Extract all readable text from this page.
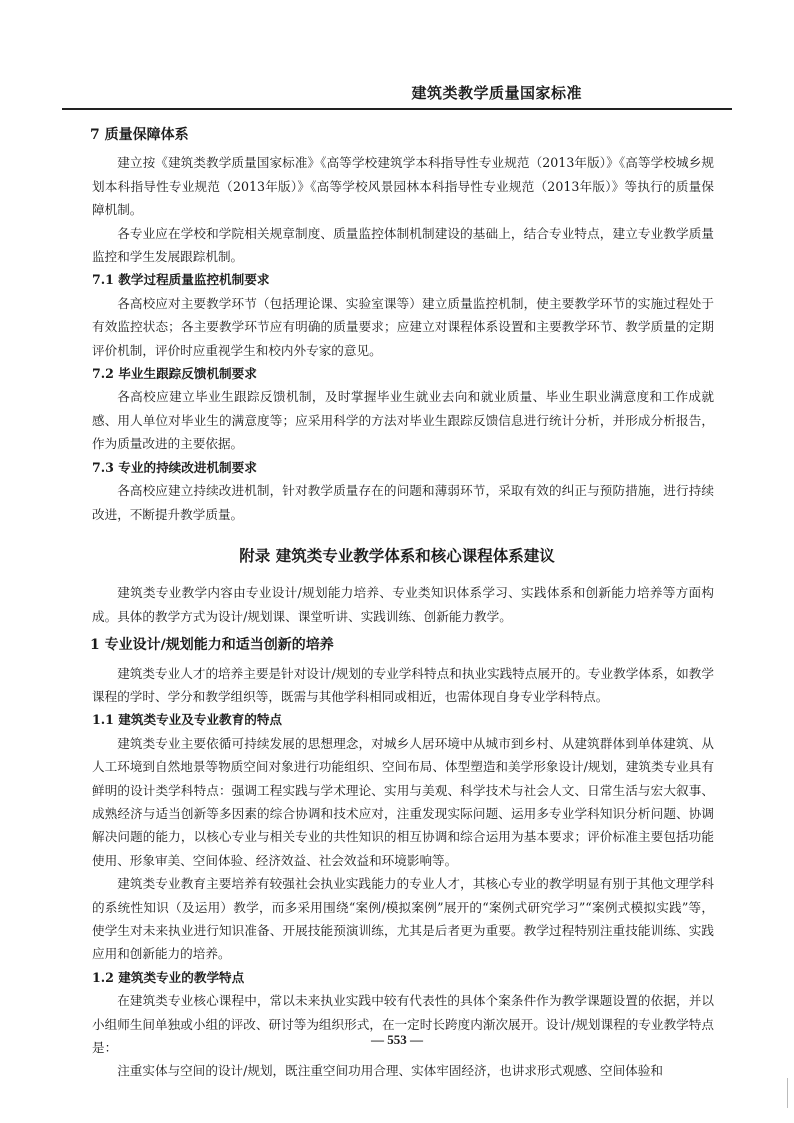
建筑类教学质量国家标准
7 质量保障体系

建立按《建筑类教学质量国家标准》《高等学校建筑学本科指导性专业规范（2013年版）》《高等学校城乡规划本科指导性专业规范（2013年版）》《高等学校风景园林本科指导性专业规范（2013年版）》等执行的质量保障机制。

各专业应在学校和学院相关规章制度、质量监控体制机制建设的基础上，结合专业特点，建立专业教学质量监控和学生发展跟踪机制。

7.1 教学过程质量监控机制要求

各高校应对主要教学环节（包括理论课、实验室课等）建立质量监控机制，使主要教学环节的实施过程处于有效监控状态；各主要教学环节应有明确的质量要求；应建立对课程体系设置和主要教学环节、教学质量的定期评价机制，评价时应重视学生和校内外专家的意见。

7.2 毕业生跟踪反馈机制要求

各高校应建立毕业生跟踪反馈机制，及时掌握毕业生就业去向和就业质量、毕业生职业满意度和工作成就感、用人单位对毕业生的满意度等；应采用科学的方法对毕业生跟踪反馈信息进行统计分析，并形成分析报告，作为质量改进的主要依据。

7.3 专业的持续改进机制要求

各高校应建立持续改进机制，针对教学质量存在的问题和薄弱环节，采取有效的纠正与预防措施，进行持续改进，不断提升教学质量。

附录 建筑类专业教学体系和核心课程体系建议

建筑类专业教学内容由专业设计/规划能力培养、专业类知识体系学习、实践体系和创新能力培养等方面构成。具体的教学方式为设计/规划课、课堂听讲、实践训练、创新能力教学。

1 专业设计/规划能力和适当创新的培养

建筑类专业人才的培养主要是针对设计/规划的专业学科特点和执业实践特点展开的。专业教学体系，如教学课程的学时、学分和教学组织等，既需与其他学科相同或相近，也需体现自身专业学科特点。

1.1 建筑类专业及专业教育的特点

建筑类专业主要依循可持续发展的思想理念，对城乡人居环境中从城市到乡村、从建筑群体到单体建筑、从人工环境到自然地景等物质空间对象进行功能组织、空间布局、体型塑造和美学形象设计/规划，建筑类专业具有鲜明的设计类学科特点：强调工程实践与学术理论、实用与美观、科学技术与社会人文、日常生活与宏大叙事、成熟经济与适当创新等多因素的综合协调和技术应对，注重发现实际问题、运用多专业学科知识分析问题、协调解决问题的能力，以核心专业与相关专业的共性知识的相互协调和综合运用为基本要求；评价标准主要包括功能使用、形象审美、空间体验、经济效益、社会效益和环境影响等。

建筑类专业教育主要培养有较强社会执业实践能力的专业人才，其核心专业的教学明显有别于其他文理学科的系统性知识（及运用）教学，而多采用围绕“案例/模拟案例”展开的“案例式研究学习”“案例式模拟实践”等，使学生对未来执业进行知识准备、开展技能预演训练，尤其是后者更为重要。教学过程特别注重技能训练、实践应用和创新能力的培养。

1.2 建筑类专业的教学特点

在建筑类专业核心课程中，常以未来执业实践中较有代表性的具体个案条件作为教学课题设置的依据，并以小组师生间单独或小组的评改、研讨等为组织形式，在一定时长跨度内渐次展开。设计/规划课程的专业教学特点是：

注重实体与空间的设计/规划，既注重空间功用合理、实体牢固经济，也讲求形式观感、空间体验和

— 553 —
